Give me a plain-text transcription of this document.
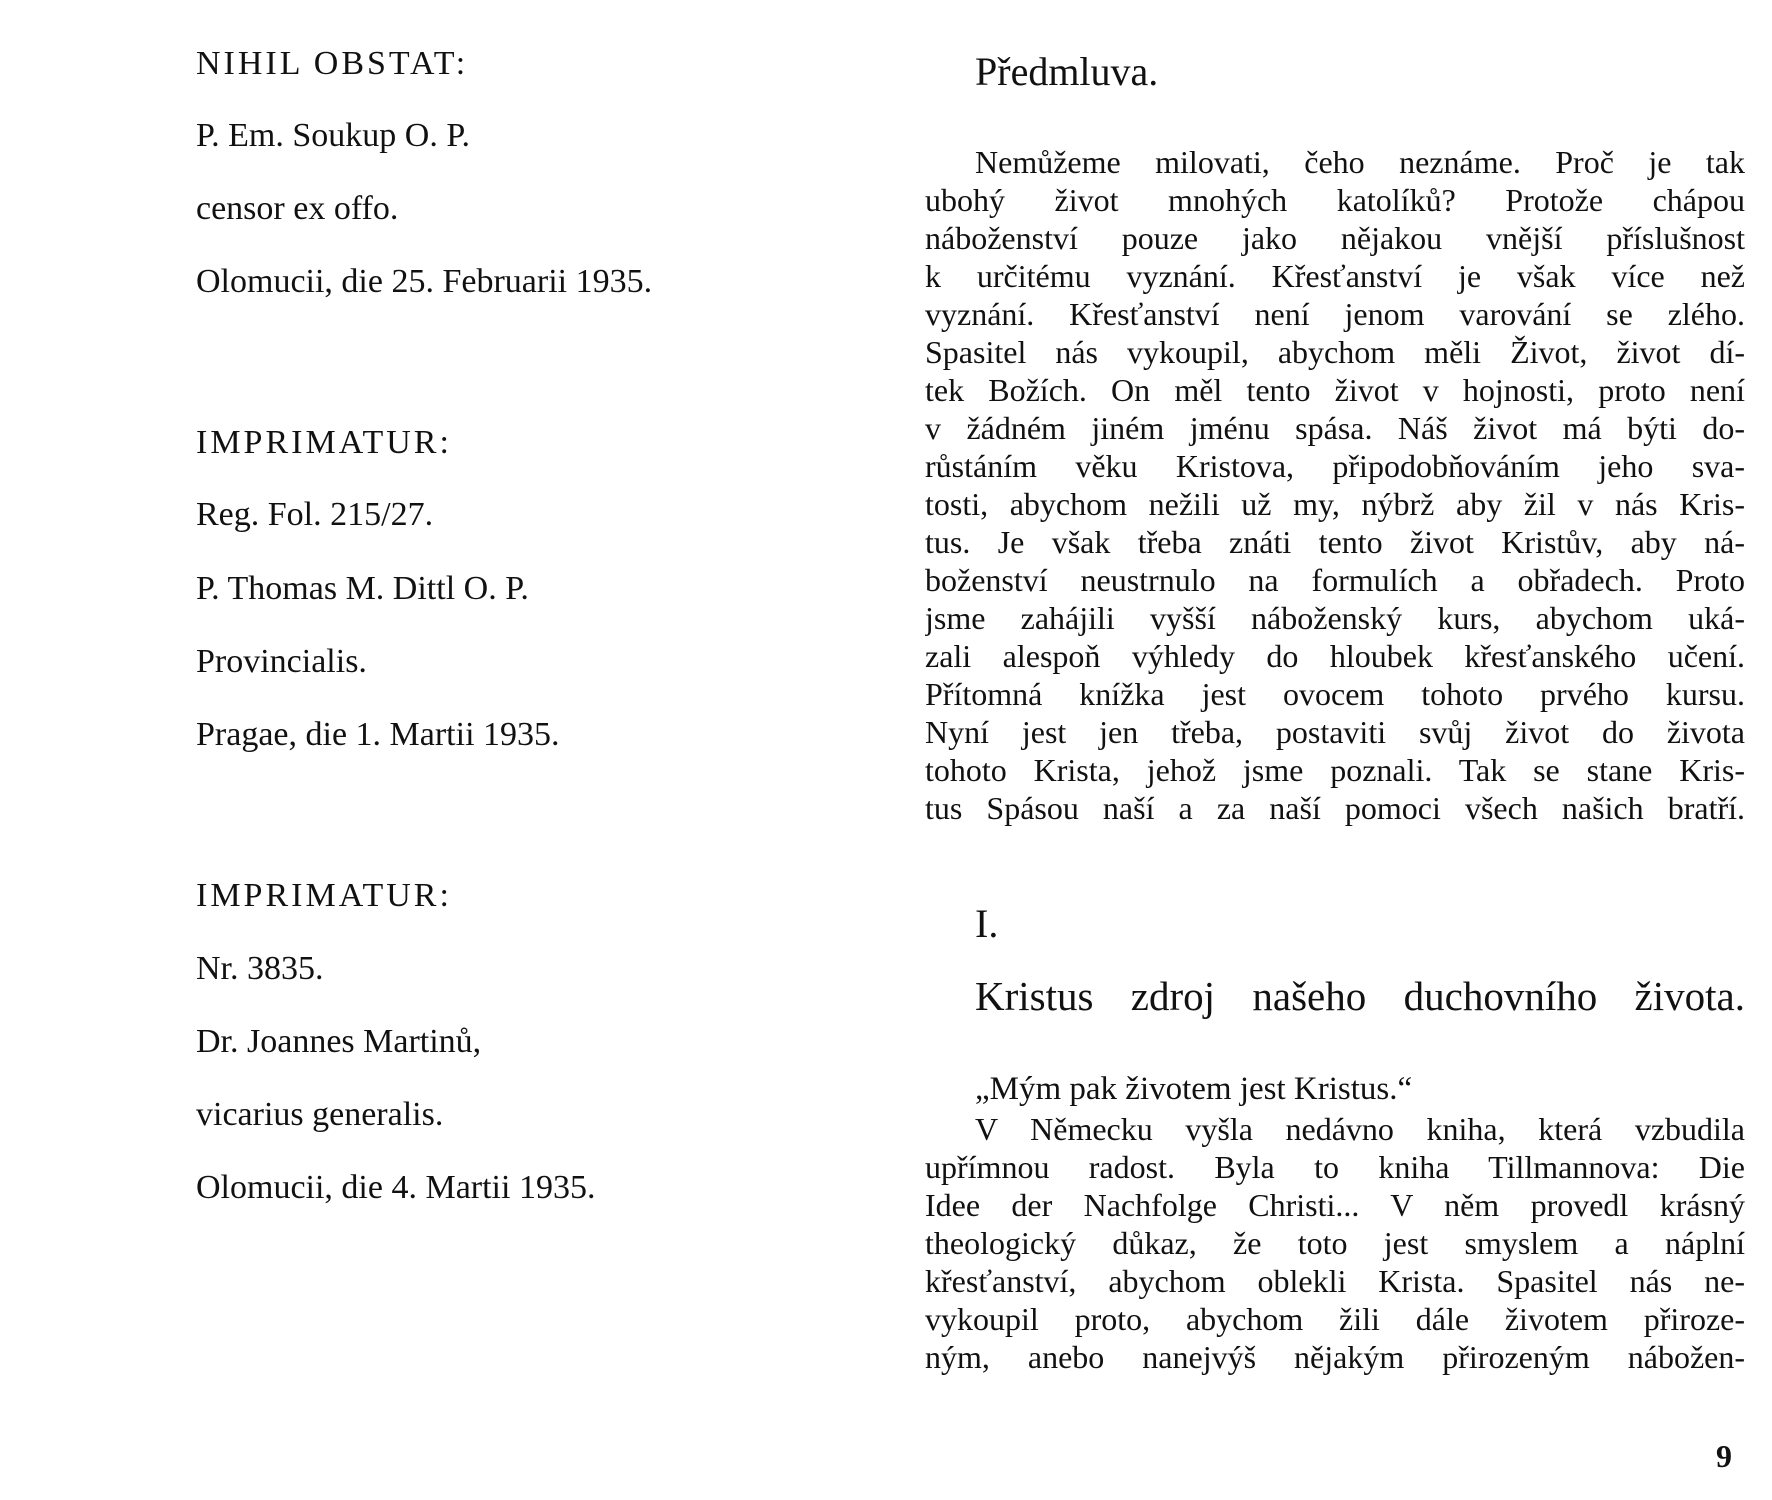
NIHIL OBSTAT:

P. Em. Soukup O. P.

censor ex offo.

Olomucii, die 25. Februarii 1935.

IMPRIMATUR:

Reg. Fol. 215/27.

P. Thomas M. Dittl O. P.

Provincialis.

Pragae, die 1. Martii 1935.

IMPRIMATUR:

Nr. 3835.

Dr. Joannes Martinů,

vicarius generalis.

Olomucii, die 4. Martii 1935.

Předmluva.
Nemůžeme milovati, čeho neznáme. Proč je tak
ubohý život mnohých katolíků? Protože chápou
náboženství pouze jako nějakou vnější příslušnost
k určitému vyznání. Křesťanství je však více než
vyznání. Křesťanství není jenom varování se zlého.
Spasitel nás vykoupil, abychom měli Život, život dí-
tek Božích. On měl tento život v hojnosti, proto není
v žádném jiném jménu spása. Náš život má býti do-
růstáním věku Kristova, připodobňováním jeho sva-
tosti, abychom nežili už my, nýbrž aby žil v nás Kris-
tus. Je však třeba znáti tento život Kristův, aby ná-
boženství neustrnulo na formulích a obřadech. Proto
jsme zahájili vyšší náboženský kurs, abychom uká-
zali alespoň výhledy do hloubek křesťanského učení.
Přítomná knížka jest ovocem tohoto prvého kursu.
Nyní jest jen třeba, postaviti svůj život do života
tohoto Krista, jehož jsme poznali. Tak se stane Kris-
tus Spásou naší a za naší pomoci všech našich bratří.
I.
Kristus zdroj našeho duchovního života.

„Mým pak životem jest Kristus.“

V Německu vyšla nedávno kniha, která vzbudila
upřímnou radost. Byla to kniha Tillmannova: Die
Idee der Nachfolge Christi... V něm provedl krásný
theologický důkaz, že toto jest smyslem a náplní
křesťanství, abychom oblekli Krista. Spasitel nás ne-
vykoupil proto, abychom žili dále životem přiroze-
ným, anebo nanejvýš nějakým přirozeným nábožen-

9
